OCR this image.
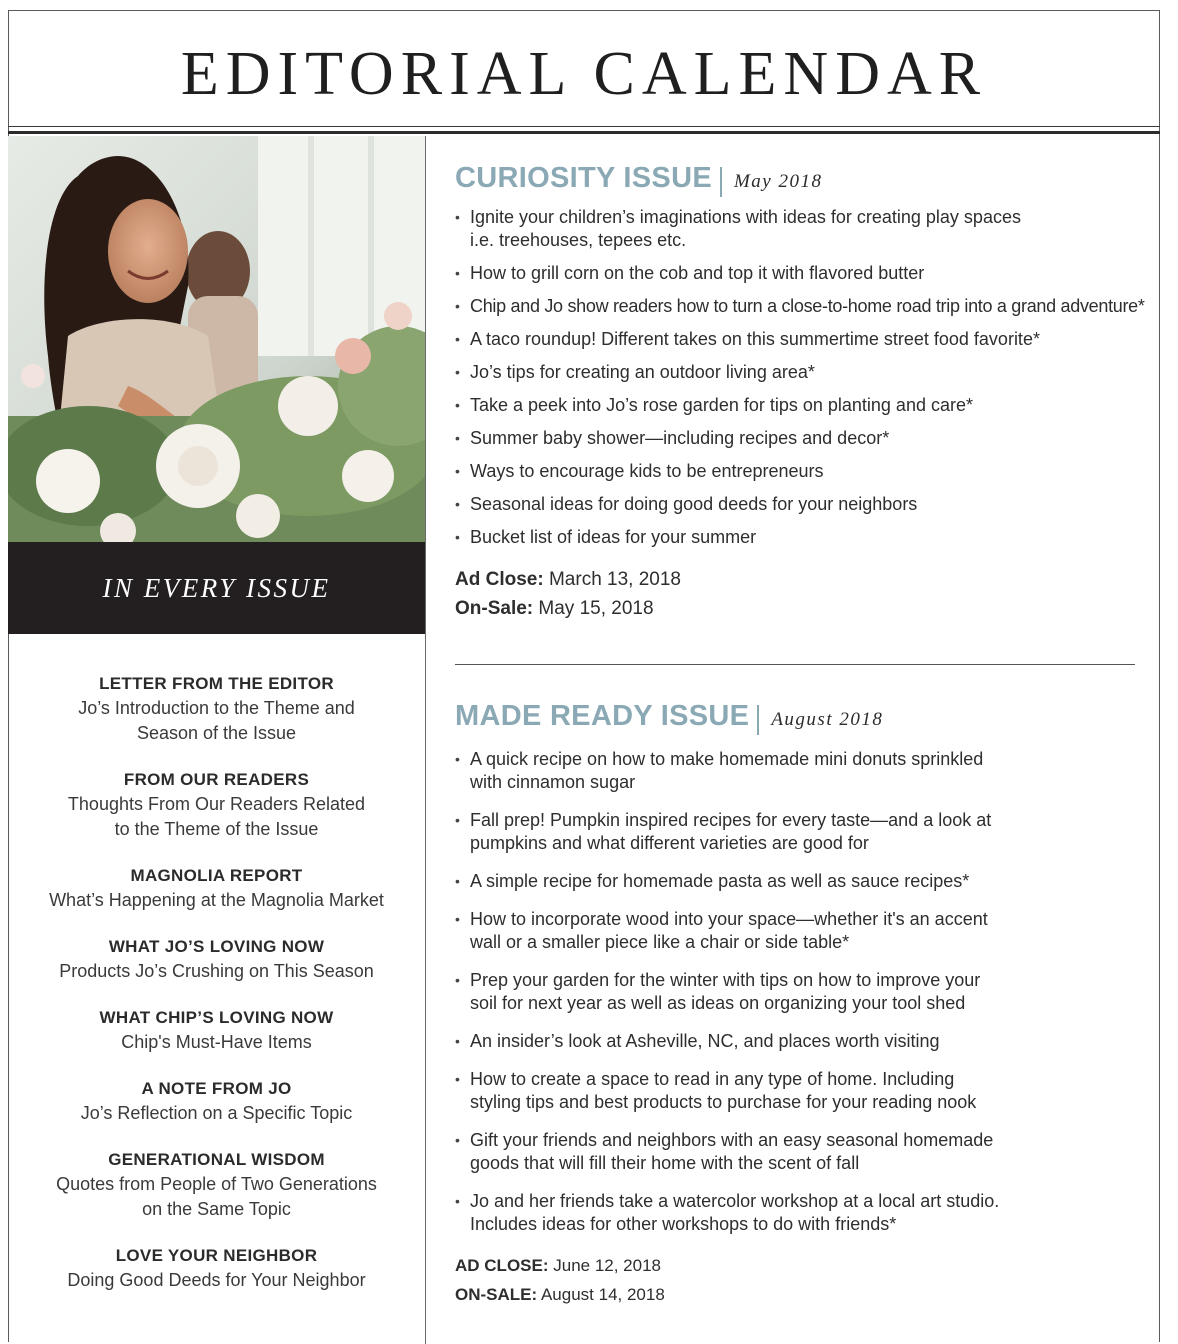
EDITORIAL CALENDAR
IN EVERY ISSUE
LETTER FROM THE EDITOR
Jo’s Introduction to the Theme and
Season of the Issue
FROM OUR READERS
Thoughts From Our Readers Related
to the Theme of the Issue
MAGNOLIA REPORT
What’s Happening at the Magnolia Market
WHAT JO’S LOVING NOW
Products Jo’s Crushing on This Season
WHAT CHIP’S LOVING NOW
Chip's Must-Have Items
A NOTE FROM JO
Jo’s Reflection on a Specific Topic
GENERATIONAL WISDOM
Quotes from People of Two Generations
on the Same Topic
LOVE YOUR NEIGHBOR
Doing Good Deeds for Your Neighbor
CURIOSITY ISSUE May 2018
• Ignite your children’s imaginations with ideas for creating play spaces
i.e. treehouses, tepees etc.
• How to grill corn on the cob and top it with flavored butter
• Chip and Jo show readers how to turn a close-to-home road trip into a grand adventure*
• A taco roundup! Different takes on this summertime street food favorite*
• Jo’s tips for creating an outdoor living area*
• Take a peek into Jo’s rose garden for tips on planting and care*
• Summer baby shower—including recipes and decor*
• Ways to encourage kids to be entrepreneurs
• Seasonal ideas for doing good deeds for your neighbors
• Bucket list of ideas for your summer
Ad Close: March 13, 2018
On-Sale: May 15, 2018
MADE READY ISSUE August 2018
• A quick recipe on how to make homemade mini donuts sprinkled
with cinnamon sugar
• Fall prep! Pumpkin inspired recipes for every taste—and a look at
pumpkins and what different varieties are good for
• A simple recipe for homemade pasta as well as sauce recipes*
• How to incorporate wood into your space—whether it's an accent
wall or a smaller piece like a chair or side table*
• Prep your garden for the winter with tips on how to improve your
soil for next year as well as ideas on organizing your tool shed
• An insider’s look at Asheville, NC, and places worth visiting
• How to create a space to read in any type of home. Including
styling tips and best products to purchase for your reading nook
• Gift your friends and neighbors with an easy seasonal homemade
goods that will fill their home with the scent of fall
• Jo and her friends take a watercolor workshop at a local art studio.
Includes ideas for other workshops to do with friends*
AD CLOSE: June 12, 2018
ON-SALE: August 14, 2018
